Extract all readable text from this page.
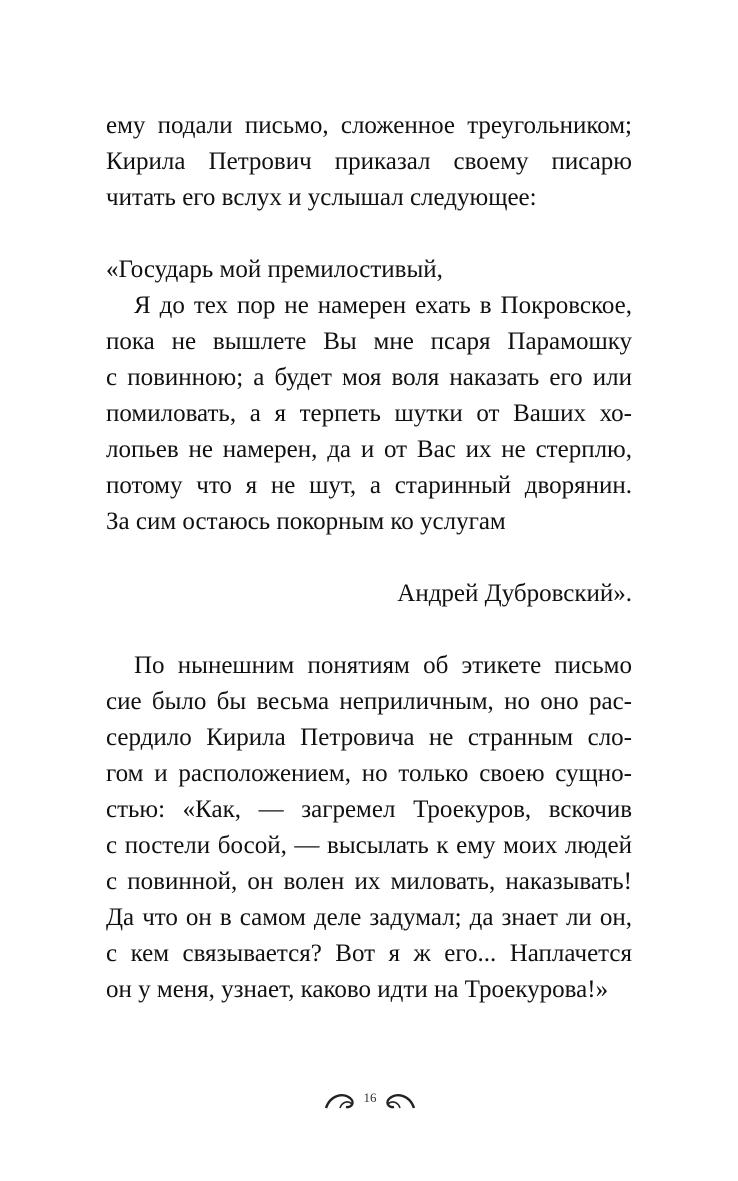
ему подали письмо, сложенное треугольником;
Кирила Петрович приказал своему писарю
читать его вслух и услышал следующее:
«Государь мой премилостивый,
Я до тех пор не намерен ехать в Покровское,
пока не вышлете Вы мне псаря Парамошку
с повинною; а будет моя воля наказать его или
помиловать, а я терпеть шутки от Ваших хо-
лопьев не намерен, да и от Вас их не стерплю,
потому что я не шут, а старинный дворянин.
За сим остаюсь покорным ко услугам
Андрей Дубровский».
По нынешним понятиям об этикете письмо
сие было бы весьма неприличным, но оно рас-
сердило Кирила Петровича не странным сло-
гом и расположением, но только своею сущно-
стью: «Как, — загремел Троекуров, вскочив
с постели босой, — высылать к ему моих людей
с повинной, он волен их миловать, наказывать!
Да что он в самом деле задумал; да знает ли он,
с кем связывается? Вот я ж его... Наплачется
он у меня, узнает, каково идти на Троекурова!»
16
